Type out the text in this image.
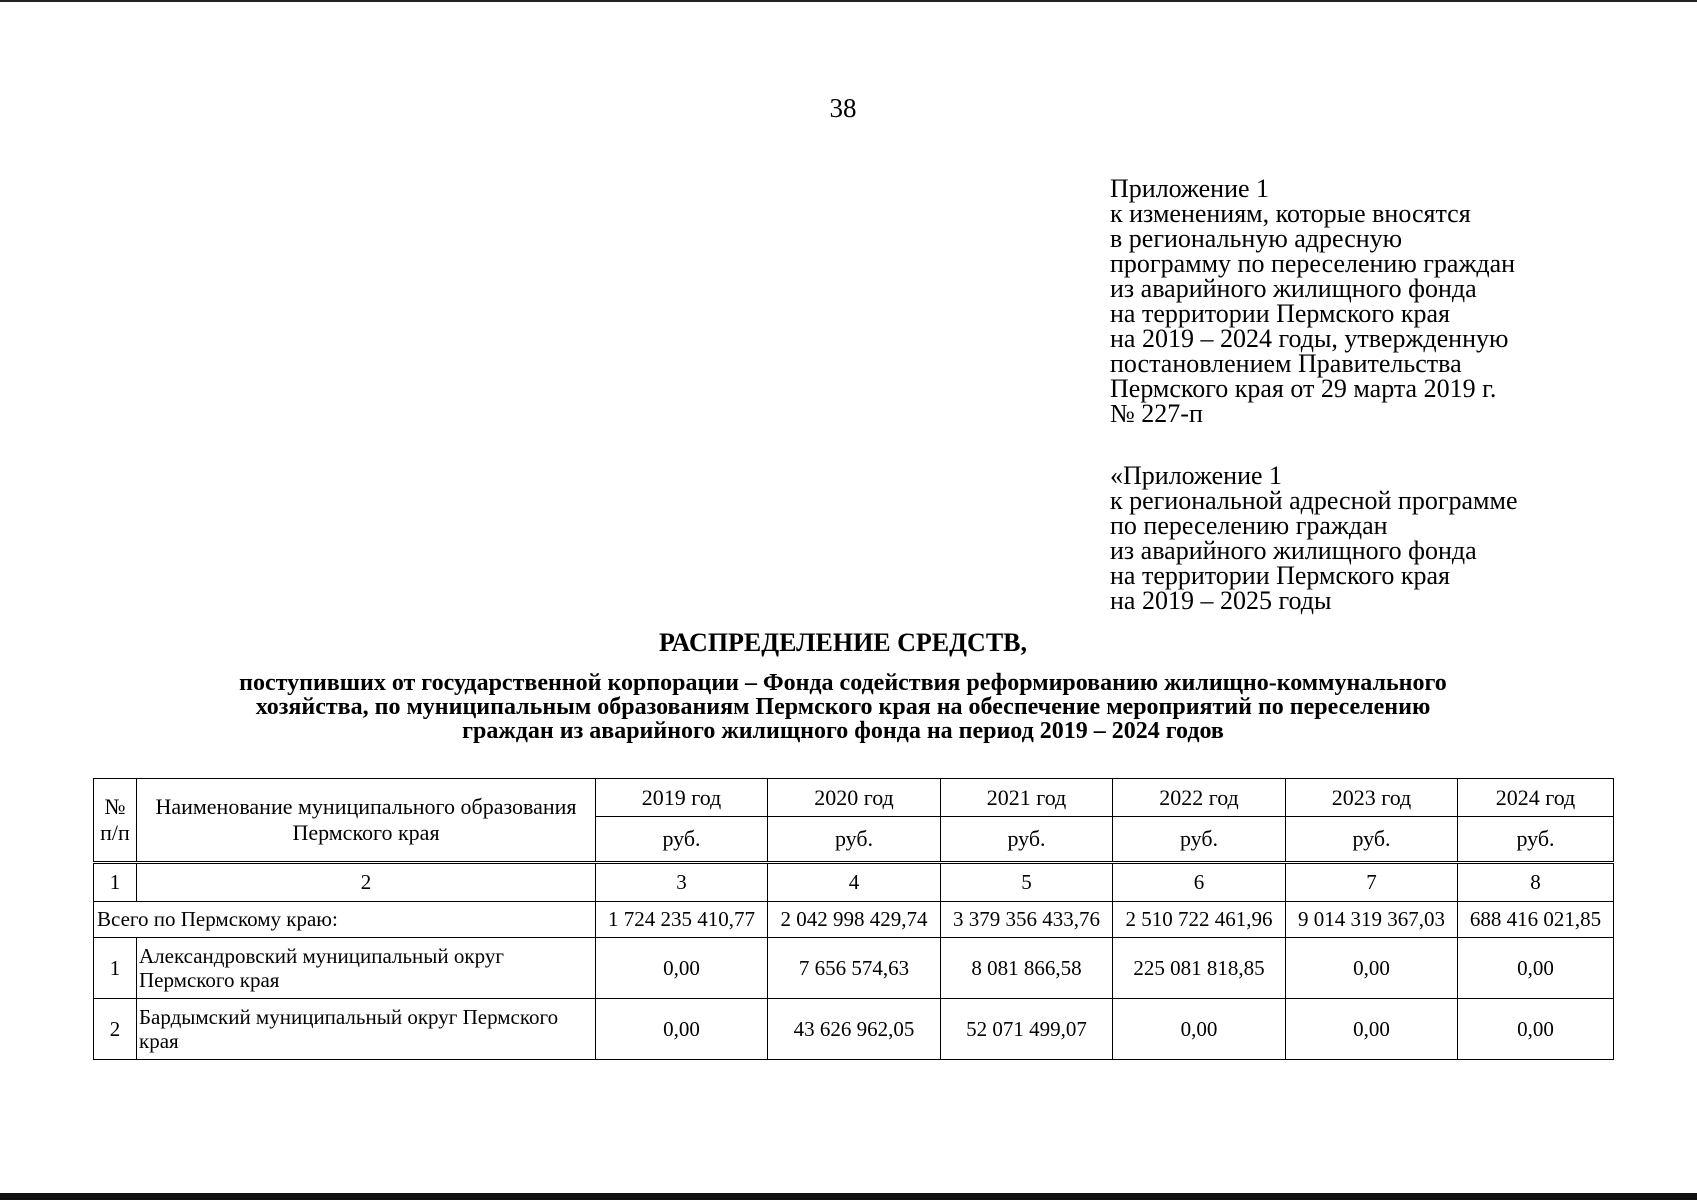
38
Приложение 1
к изменениям, которые вносятся
в региональную адресную
программу по переселению граждан
из аварийного жилищного фонда
на территории Пермского края
на 2019 – 2024 годы, утвержденную
постановлением Правительства
Пермского края от 29 марта 2019 г.
№ 227-п
«Приложение 1
к региональной адресной программе
по переселению граждан
из аварийного жилищного фонда
на территории Пермского края
на 2019 – 2025 годы
РАСПРЕДЕЛЕНИЕ СРЕДСТВ,
поступивших от государственной корпорации – Фонда содействия реформированию жилищно-коммунального
хозяйства, по муниципальным образованиям Пермского края на обеспечение мероприятий по переселению
граждан из аварийного жилищного фонда на период 2019 – 2024 годов
№ п/п	Наименование муниципального образования Пермского края	2019 год	2020 год	2021 год	2022 год	2023 год	2024 год
		руб.	руб.	руб.	руб.	руб.	руб.
1	2	3	4	5	6	7	8
Всего по Пермскому краю:		1 724 235 410,77	2 042 998 429,74	3 379 356 433,76	2 510 722 461,96	9 014 319 367,03	688 416 021,85
1	Александровский муниципальный округ Пермского края	0,00	7 656 574,63	8 081 866,58	225 081 818,85	0,00	0,00
2	Бардымский муниципальный округ Пермского края	0,00	43 626 962,05	52 071 499,07	0,00	0,00	0,00
